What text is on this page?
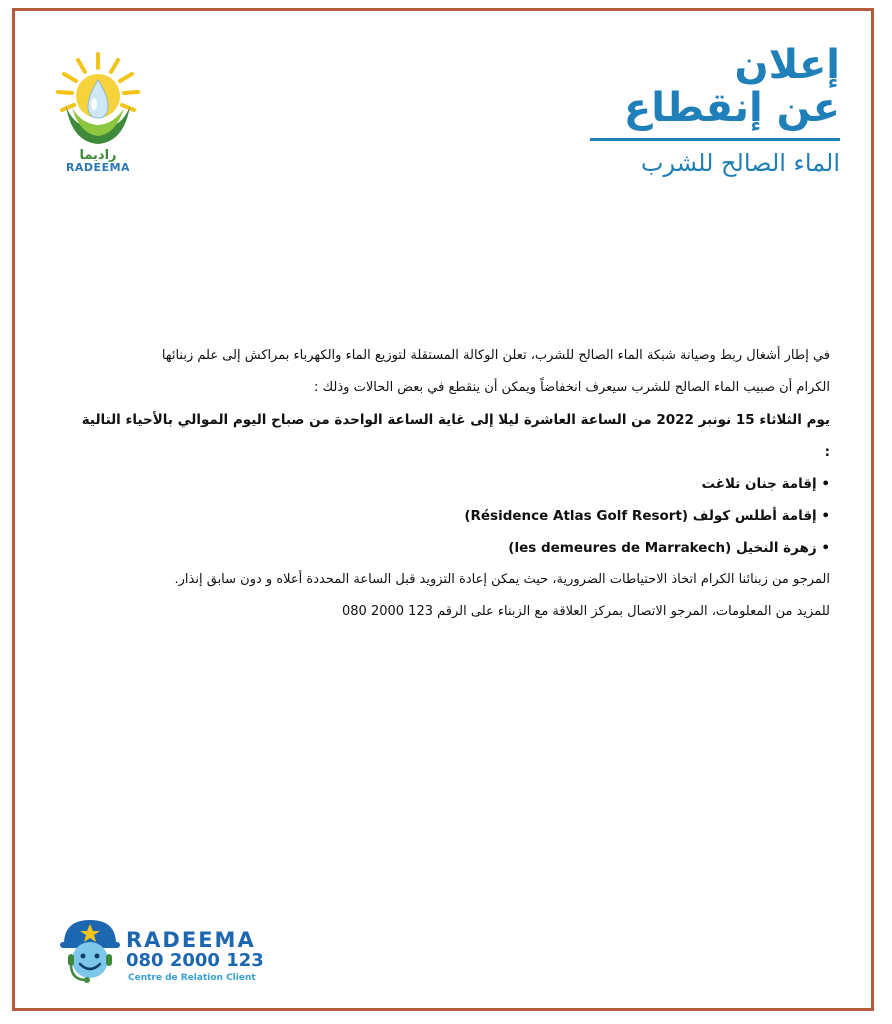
راديما
RADEEMA
إعلان
عن إنقطاع
الماء الصالح للشرب

في إطار أشغال ربط وصيانة شبكة الماء الصالح للشرب، تعلن الوكالة المستقلة لتوزيع الماء والكهرباء بمراكش إلى علم زبنائها

الكرام أن صبيب الماء الصالح للشرب سيعرف انخفاضاً ويمكن أن ينقطع في بعض الحالات وذلك :

يوم الثلاثاء 15 نونبر 2022 من الساعة العاشرة ليلا إلى غاية الساعة الواحدة من صباح اليوم الموالي بالأحياء التالية :

• إقامة جنان تلاغت
• إقامة أطلس كولف (Résidence Atlas Golf Resort)
• زهرة النخيل (les demeures de Marrakech)

المرجو من زبنائنا الكرام اتخاذ الاحتياطات الضرورية، حيث يمكن إعادة التزويد قبل الساعة المحددة أعلاه و دون سابق إنذار.

للمزيد من المعلومات، المرجو الاتصال بمركز العلاقة مع الزبناء على الرقم 123 2000 080

RADEEMA
080 2000 123
Centre de Relation Client
